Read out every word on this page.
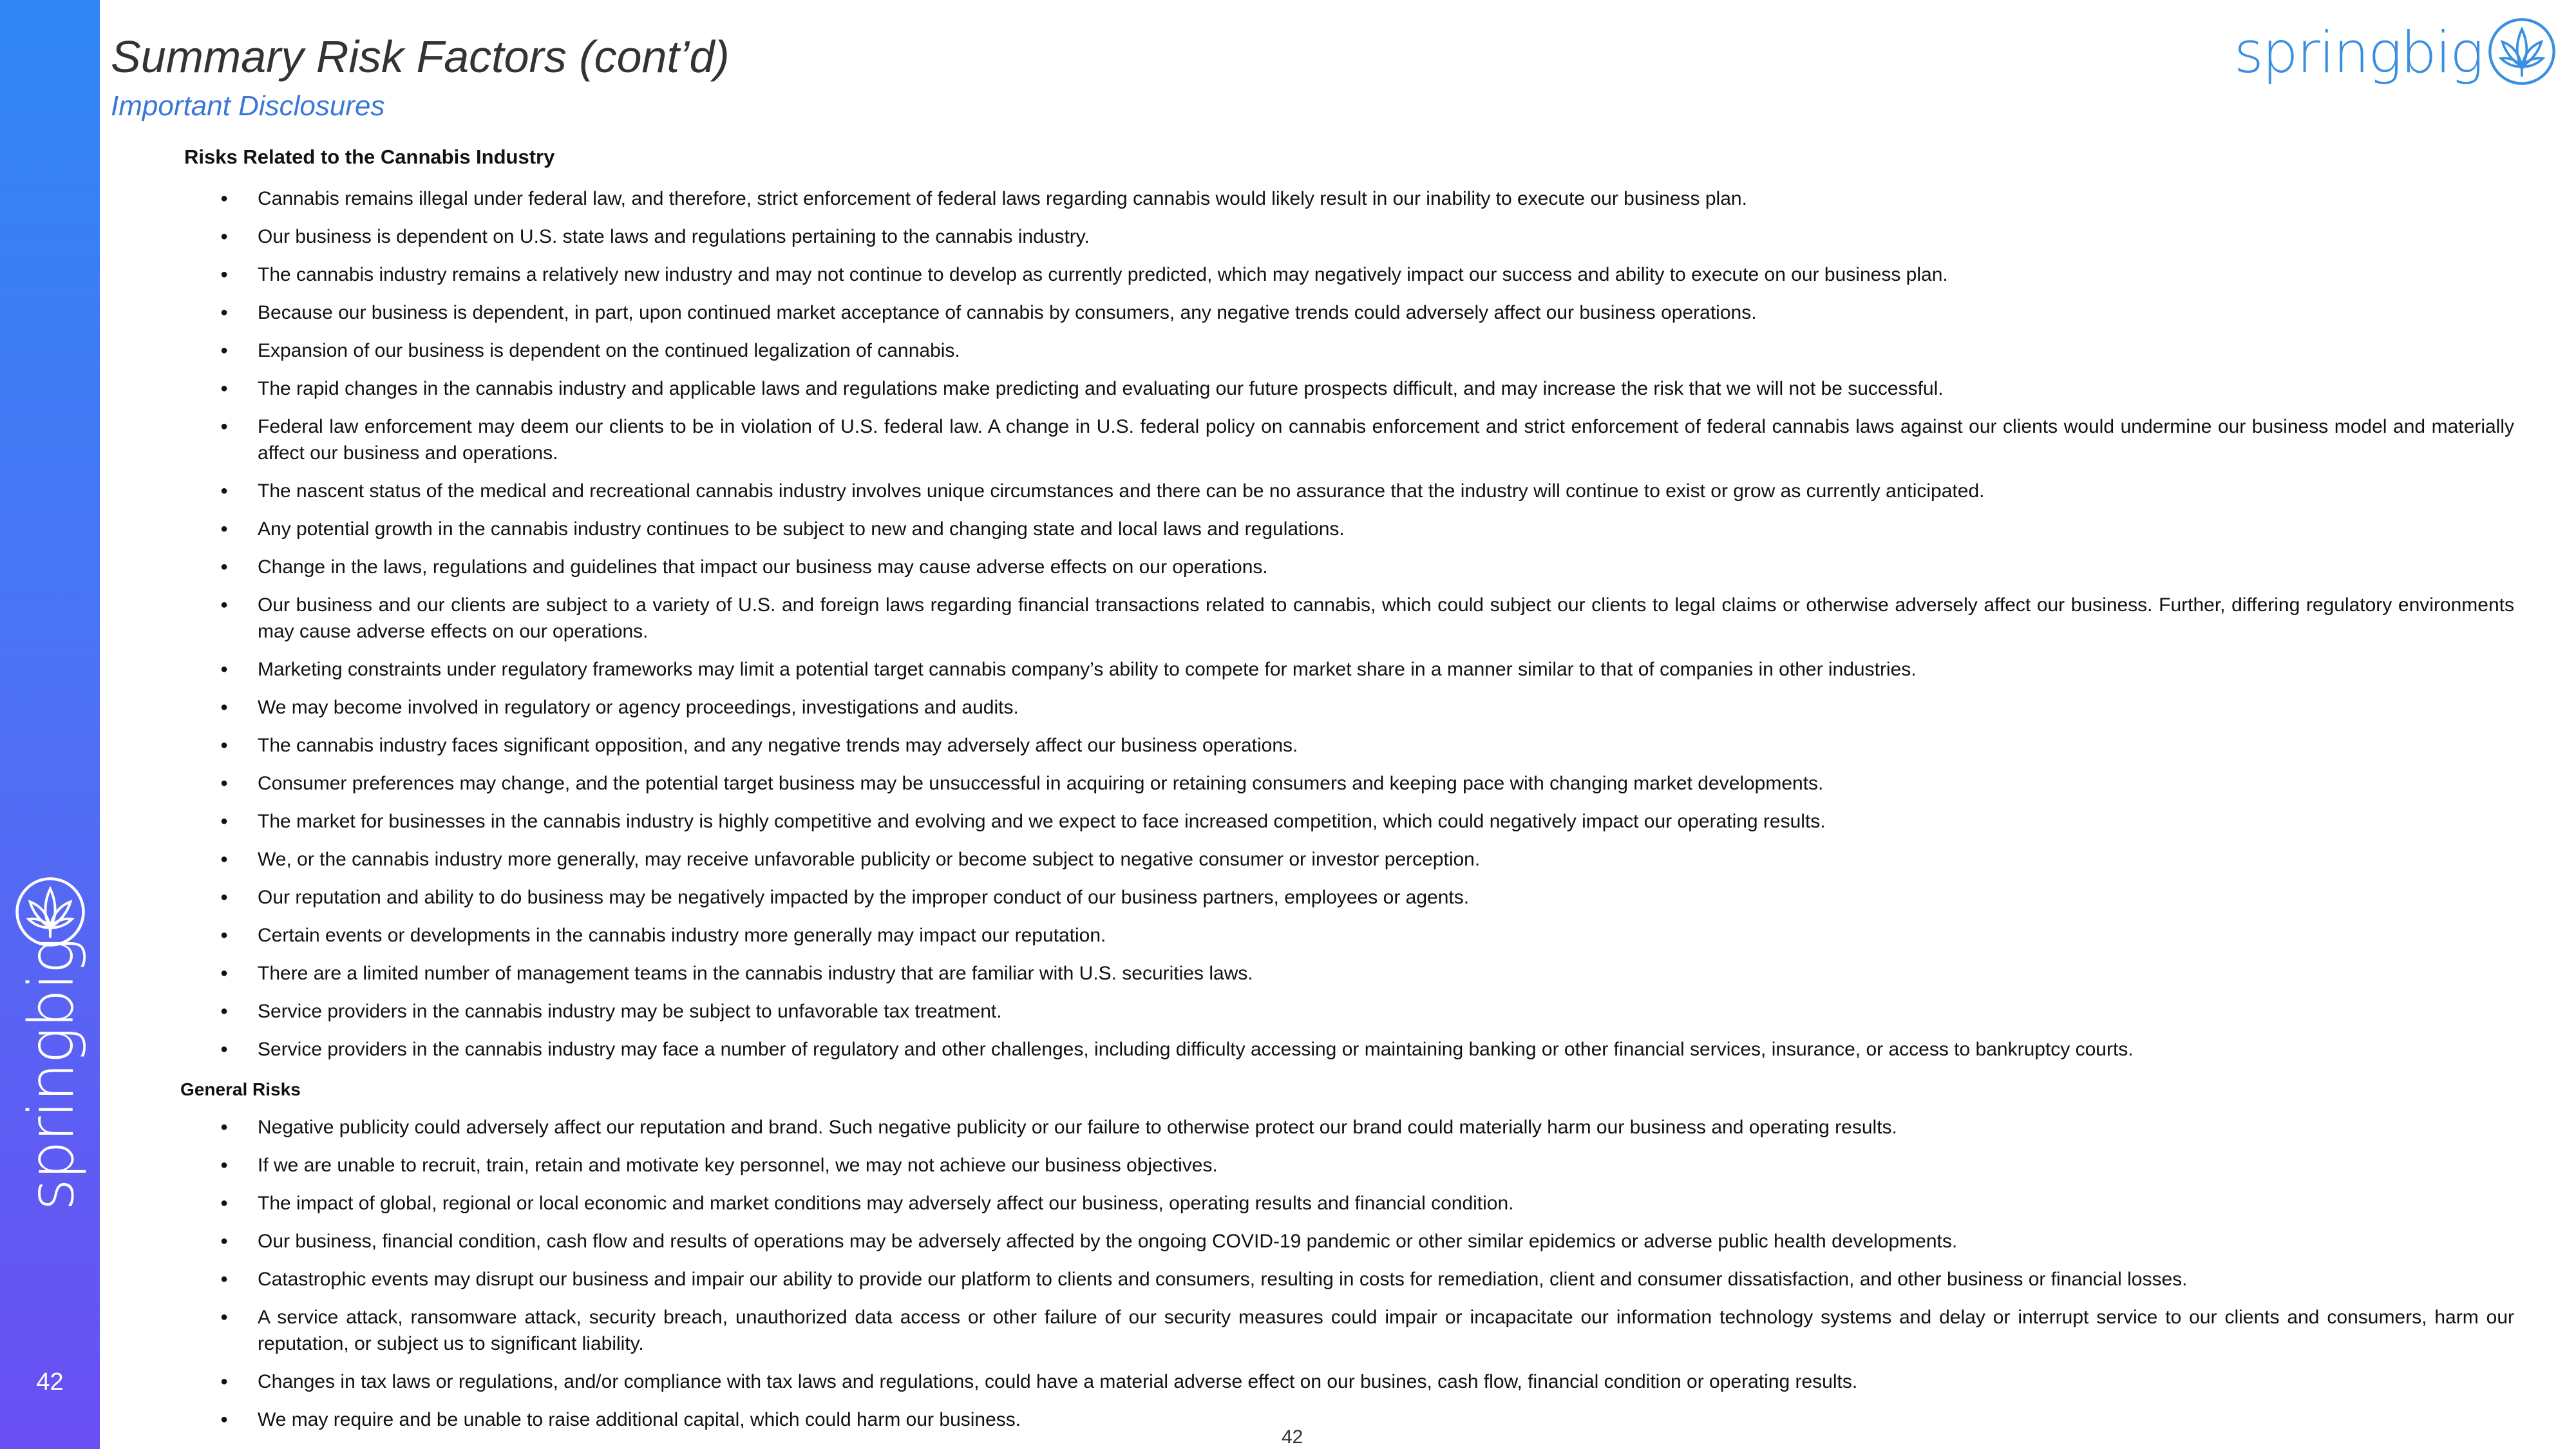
springbig
42
Summary Risk Factors (cont’d)
Important Disclosures
springbig
Risks Related to the Cannabis Industry
● Cannabis remains illegal under federal law, and therefore, strict enforcement of federal laws regarding cannabis would likely result in our inability to execute our business plan.
● Our business is dependent on U.S. state laws and regulations pertaining to the cannabis industry.
● The cannabis industry remains a relatively new industry and may not continue to develop as currently predicted, which may negatively impact our success and ability to execute on our business plan.
● Because our business is dependent, in part, upon continued market acceptance of cannabis by consumers, any negative trends could adversely affect our business operations.
● Expansion of our business is dependent on the continued legalization of cannabis.
● The rapid changes in the cannabis industry and applicable laws and regulations make predicting and evaluating our future prospects difficult, and may increase the risk that we will not be successful.
● Federal law enforcement may deem our clients to be in violation of U.S. federal law. A change in U.S. federal policy on cannabis enforcement and strict enforcement of federal cannabis laws against our clients would undermine our business model and materially affect our business and operations.
● The nascent status of the medical and recreational cannabis industry involves unique circumstances and there can be no assurance that the industry will continue to exist or grow as currently anticipated.
● Any potential growth in the cannabis industry continues to be subject to new and changing state and local laws and regulations.
● Change in the laws, regulations and guidelines that impact our business may cause adverse effects on our operations.
● Our business and our clients are subject to a variety of U.S. and foreign laws regarding financial transactions related to cannabis, which could subject our clients to legal claims or otherwise adversely affect our business. Further, differing regulatory environments may cause adverse effects on our operations.
● Marketing constraints under regulatory frameworks may limit a potential target cannabis company’s ability to compete for market share in a manner similar to that of companies in other industries.
● We may become involved in regulatory or agency proceedings, investigations and audits.
● The cannabis industry faces significant opposition, and any negative trends may adversely affect our business operations.
● Consumer preferences may change, and the potential target business may be unsuccessful in acquiring or retaining consumers and keeping pace with changing market developments.
● The market for businesses in the cannabis industry is highly competitive and evolving and we expect to face increased competition, which could negatively impact our operating results.
● We, or the cannabis industry more generally, may receive unfavorable publicity or become subject to negative consumer or investor perception.
● Our reputation and ability to do business may be negatively impacted by the improper conduct of our business partners, employees or agents.
● Certain events or developments in the cannabis industry more generally may impact our reputation.
● There are a limited number of management teams in the cannabis industry that are familiar with U.S. securities laws.
● Service providers in the cannabis industry may be subject to unfavorable tax treatment.
● Service providers in the cannabis industry may face a number of regulatory and other challenges, including difficulty accessing or maintaining banking or other financial services, insurance, or access to bankruptcy courts.
General Risks
● Negative publicity could adversely affect our reputation and brand. Such negative publicity or our failure to otherwise protect our brand could materially harm our business and operating results.
● If we are unable to recruit, train, retain and motivate key personnel, we may not achieve our business objectives.
● The impact of global, regional or local economic and market conditions may adversely affect our business, operating results and financial condition.
● Our business, financial condition, cash flow and results of operations may be adversely affected by the ongoing COVID-19 pandemic or other similar epidemics or adverse public health developments.
● Catastrophic events may disrupt our business and impair our ability to provide our platform to clients and consumers, resulting in costs for remediation, client and consumer dissatisfaction, and other business or financial losses.
● A service attack, ransomware attack, security breach, unauthorized data access or other failure of our security measures could impair or incapacitate our information technology systems and delay or interrupt service to our clients and consumers, harm our reputation, or subject us to significant liability.
● Changes in tax laws or regulations, and/or compliance with tax laws and regulations, could have a material adverse effect on our busines, cash flow, financial condition or operating results.
● We may require and be unable to raise additional capital, which could harm our business.
42
